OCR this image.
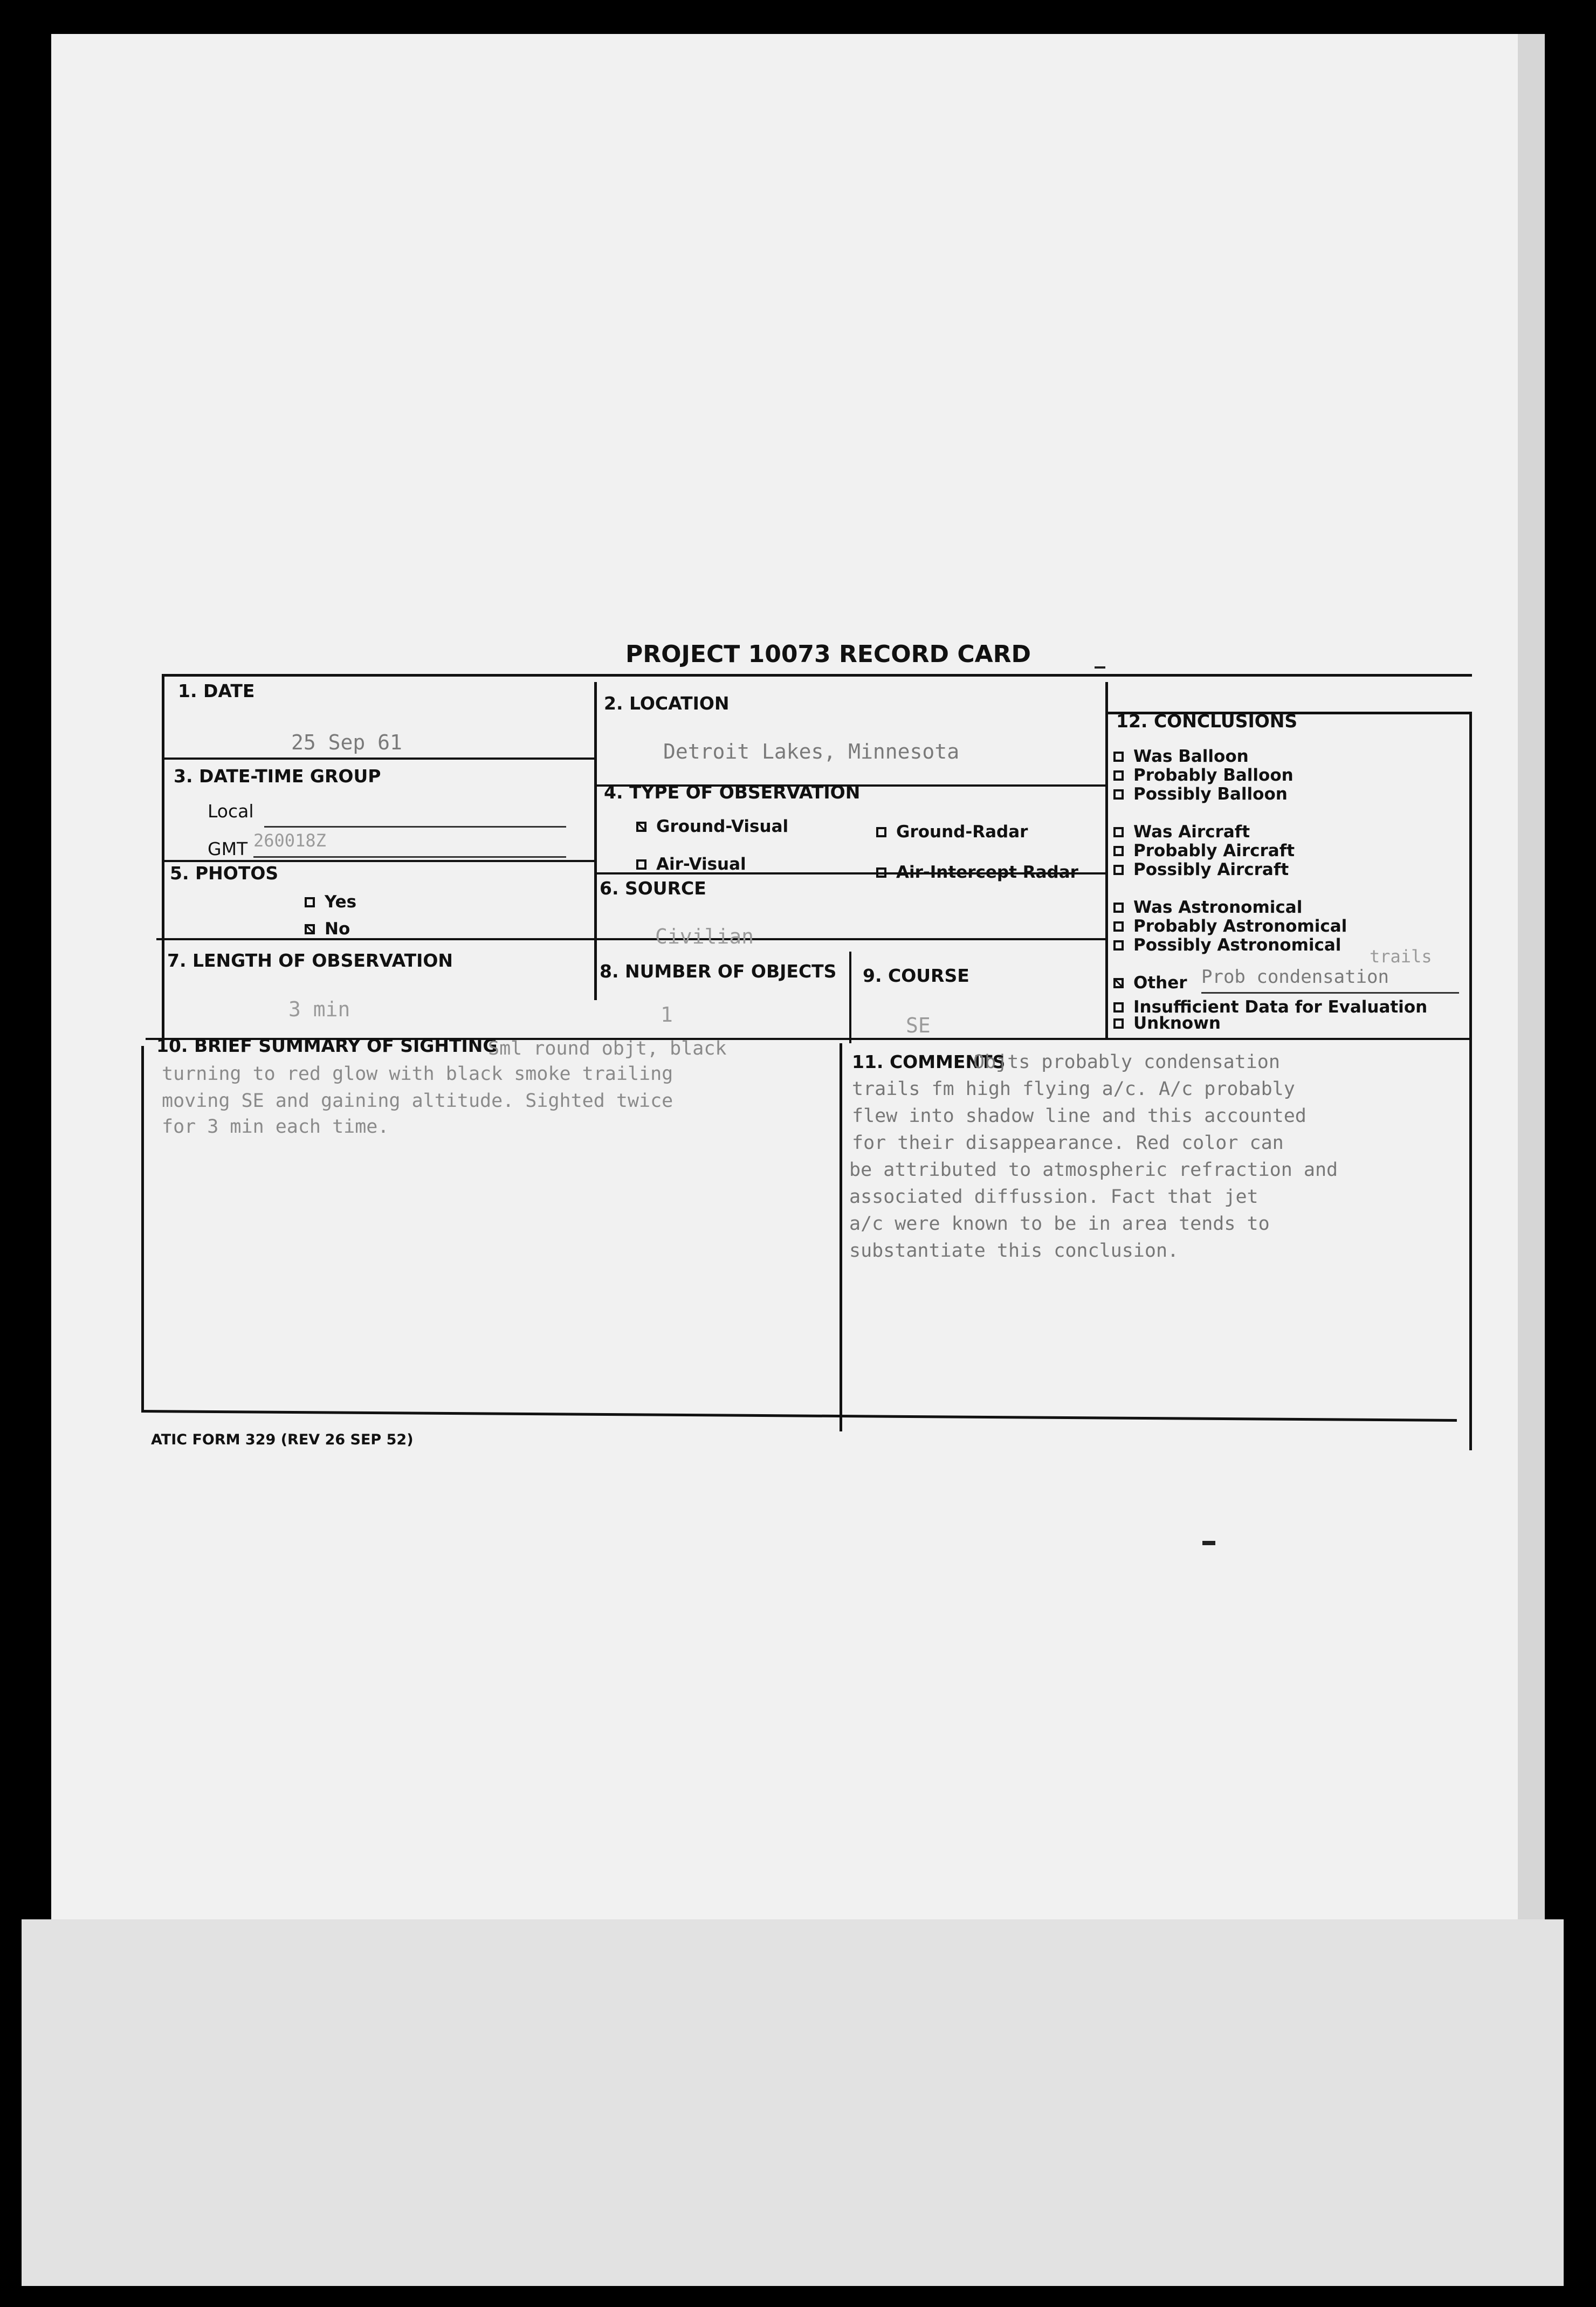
PROJECT 10073 RECORD CARD
1. DATE
25 Sep 61
2. LOCATION
Detroit Lakes, Minnesota
3. DATE-TIME GROUP
Local
GMT 260018Z
4. TYPE OF OBSERVATION
Ground-Visual	Ground-Radar
Air-Visual	Air-Intercept Radar
5. PHOTOS
Yes
No
6. SOURCE
Civilian
7. LENGTH OF OBSERVATION
3 min
8. NUMBER OF OBJECTS
1
9. COURSE
SE
10. BRIEF SUMMARY OF SIGHTING
Sml round objt, black
turning to red glow with black smoke trailing
moving SE and gaining altitude. Sighted twice
for 3 min each time.
11. COMMENTS
Objts probably condensation
trails fm high flying a/c. A/c probably
flew into shadow line and this accounted
for their disappearance. Red color can
be attributed to atmospheric refraction and
associated diffussion. Fact that jet
a/c were known to be in area tends to
substantiate this conclusion.
12. CONCLUSIONS
Was Balloon
Probably Balloon
Possibly Balloon
Was Aircraft
Probably Aircraft
Possibly Aircraft
Was Astronomical
Probably Astronomical
Possibly Astronomical
trails
Other Prob condensation
Insufficient Data for Evaluation
Unknown
ATIC FORM 329 (REV 26 SEP 52)
